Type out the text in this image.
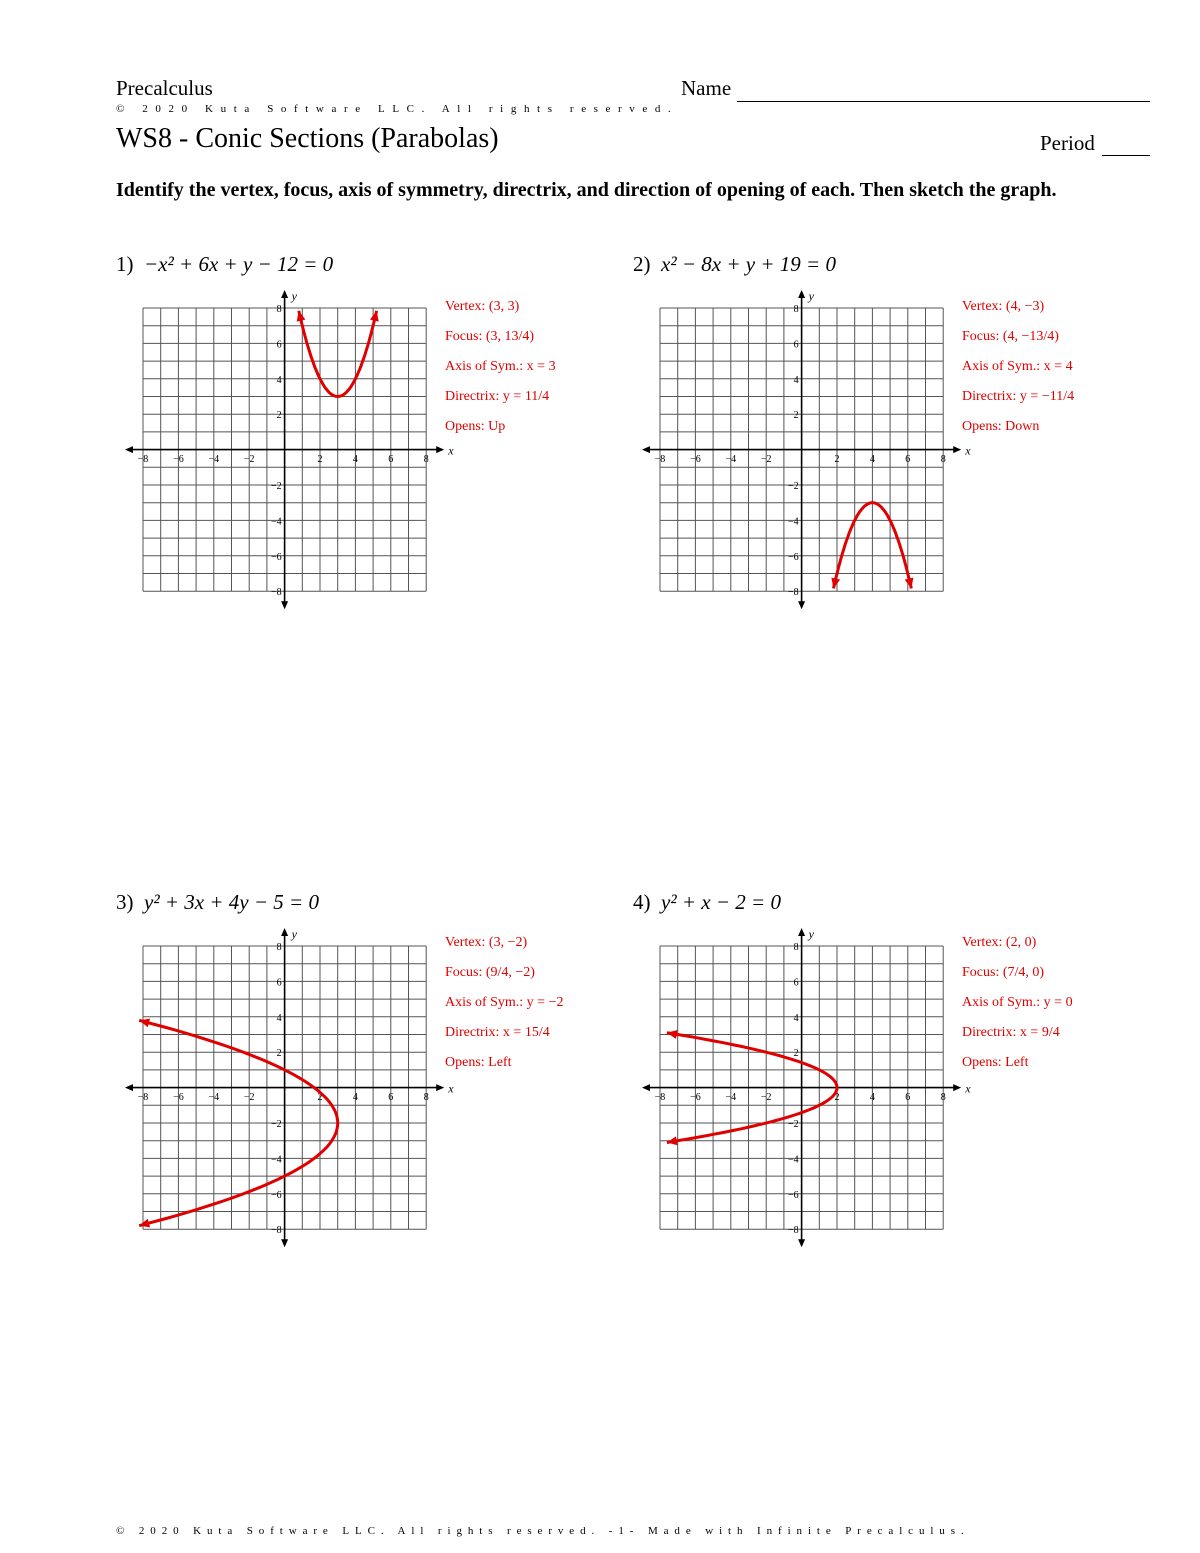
Precalculus	Name
© 2020 Kuta Software LLC. All rights reserved.
WS8 - Conic Sections (Parabolas)	Period
Identify the vertex, focus, axis of symmetry, directrix, and direction of opening of each. Then sketch the graph.
1) −x² + 6x + y − 12 = 0
−8 −6 −4 −2	2	4	6	8
8
6
4
2
−2
−4
−6
−8
x
y
Vertex: (3, 3)
Focus: (3, 13/4)
Axis of Sym.: x = 3
Directrix: y = 11/4
Opens: Up
2) x² − 8x + y + 19 = 0
−8 −6 −4 −2	2	4	6	8
8
6
4
2
−2
−4
−6
−8
x
y
Vertex: (4, −3)
Focus: (4, −13/4)
Axis of Sym.: x = 4
Directrix: y = −11/4
Opens: Down
3) y² + 3x + 4y − 5 = 0
−8 −6 −4 −2	2	4	6	8
8
6
4
2
−2
−4
−6
−8
x
y
Vertex: (3, −2)
Focus: (9/4, −2)
Axis of Sym.: y = −2
Directrix: x = 15/4
Opens: Left
4) y² + x − 2 = 0
−8 −6 −4 −2	2	4	6	8
8
6
4
2
−2
−4
−6
−8
x
y
Vertex: (2, 0)
Focus: (7/4, 0)
Axis of Sym.: y = 0
Directrix: x = 9/4
Opens: Left
© 2020 Kuta Software LLC. All rights reserved. -1- Made with Infinite Precalculus.
